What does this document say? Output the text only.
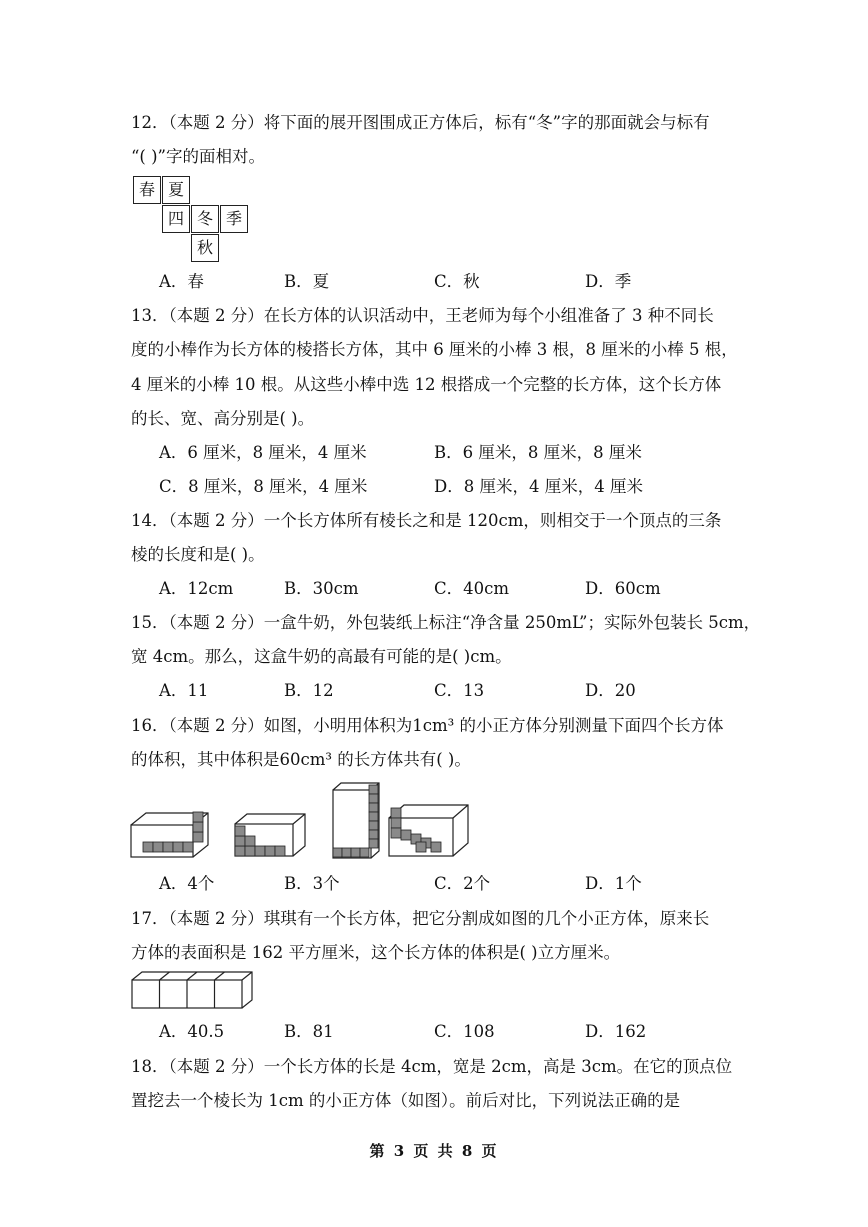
12．（本题 2 分）将下面的展开图围成正方体后，标有“冬”字的那面就会与标有
“( )”字的面相对。
春 夏
四 冬 季
秋
A．春	B．夏	C．秋	D．季
13．（本题 2 分）在长方体的认识活动中，王老师为每个小组准备了 3 种不同长
度的小棒作为长方体的棱搭长方体，其中 6 厘米的小棒 3 根，8 厘米的小棒 5 根，
4 厘米的小棒 10 根。从这些小棒中选 12 根搭成一个完整的长方体，这个长方体
的长、宽、高分别是( )。
A．6 厘米，8 厘米，4 厘米	B．6 厘米，8 厘米，8 厘米
C．8 厘米，8 厘米，4 厘米	D．8 厘米，4 厘米，4 厘米
14．（本题 2 分）一个长方体所有棱长之和是 120cm，则相交于一个顶点的三条
棱的长度和是( )。
A．12cm	B．30cm	C．40cm	D．60cm
15．（本题 2 分）一盒牛奶，外包装纸上标注“净含量 250mL”；实际外包装长 5cm，
宽 4cm。那么，这盒牛奶的高最有可能的是( )cm。
A．11	B．12	C．13	D．20
16．（本题 2 分）如图，小明用体积为1cm³ 的小正方体分别测量下面四个长方体
的体积，其中体积是60cm³ 的长方体共有( )。
A．4个	B．3个	C．2个	D．1个
17．（本题 2 分）琪琪有一个长方体，把它分割成如图的几个小正方体，原来长
方体的表面积是 162 平方厘米，这个长方体的体积是( )立方厘米。
A．40.5	B．81	C．108	D．162
18．（本题 2 分）一个长方体的长是 4cm，宽是 2cm，高是 3cm。在它的顶点位
置挖去一个棱长为 1cm 的小正方体（如图）。前后对比，下列说法正确的是
第 3 页 共 8 页
